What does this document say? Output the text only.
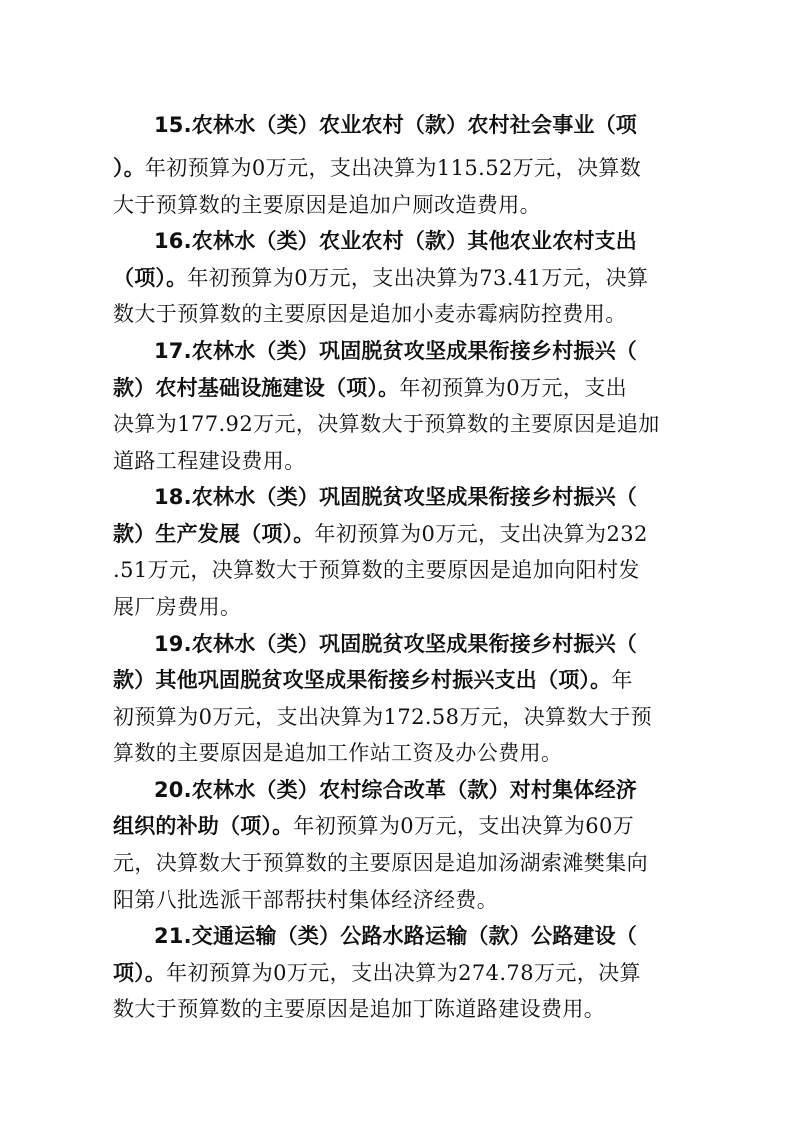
15.农林水（类）农业农村（款）农村社会事业（项
）。年初预算为0万元，支出决算为115.52万元，决算数
大于预算数的主要原因是追加户厕改造费用。
16.农林水（类）农业农村（款）其他农业农村支出
（项）。年初预算为0万元，支出决算为73.41万元，决算
数大于预算数的主要原因是追加小麦赤霉病防控费用。
17.农林水（类）巩固脱贫攻坚成果衔接乡村振兴（
款）农村基础设施建设（项）。年初预算为0万元，支出
决算为177.92万元，决算数大于预算数的主要原因是追加
道路工程建设费用。
18.农林水（类）巩固脱贫攻坚成果衔接乡村振兴（
款）生产发展（项）。年初预算为0万元，支出决算为232
.51万元，决算数大于预算数的主要原因是追加向阳村发
展厂房费用。
19.农林水（类）巩固脱贫攻坚成果衔接乡村振兴（
款）其他巩固脱贫攻坚成果衔接乡村振兴支出（项）。年
初预算为0万元，支出决算为172.58万元，决算数大于预
算数的主要原因是追加工作站工资及办公费用。
20.农林水（类）农村综合改革（款）对村集体经济
组织的补助（项）。年初预算为0万元，支出决算为60万
元，决算数大于预算数的主要原因是追加汤湖索滩樊集向
阳第八批选派干部帮扶村集体经济经费。
21.交通运输（类）公路水路运输（款）公路建设（
项）。年初预算为0万元，支出决算为274.78万元，决算
数大于预算数的主要原因是追加丁陈道路建设费用。
